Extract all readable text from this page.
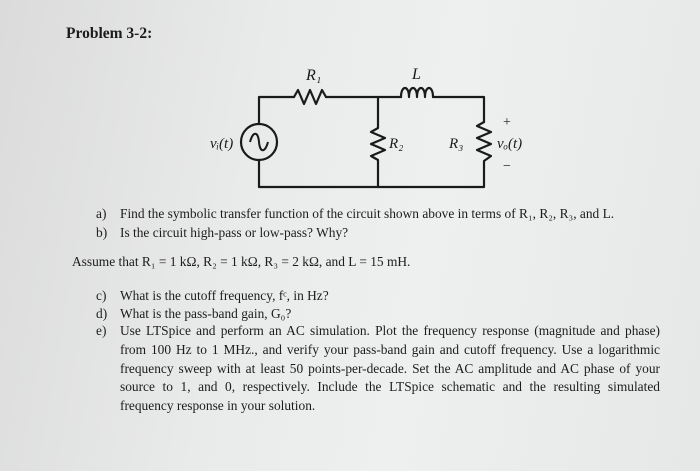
Problem 3-2:
R₁	L
R₂	R₃
vᵢ(t)	vₒ(t)
+
−
a) Find the symbolic transfer function of the circuit shown above in terms of R₁, R₂, R₃, and L.
b) Is the circuit high-pass or low-pass? Why?
Assume that R₁ = 1 kΩ, R₂ = 1 kΩ, R₃ = 2 kΩ, and L = 15 mH.
c) What is the cutoff frequency, fᶜ, in Hz?
d) What is the pass-band gain, G₀?
e) Use LTSpice and perform an AC simulation. Plot the frequency response (magnitude and phase) from 100 Hz to 1 MHz., and verify your pass-band gain and cutoff frequency. Use a logarithmic frequency sweep with at least 50 points-per-decade. Set the AC amplitude and AC phase of your source to 1, and 0, respectively. Include the LTSpice schematic and the resulting simulated frequency response in your solution.
